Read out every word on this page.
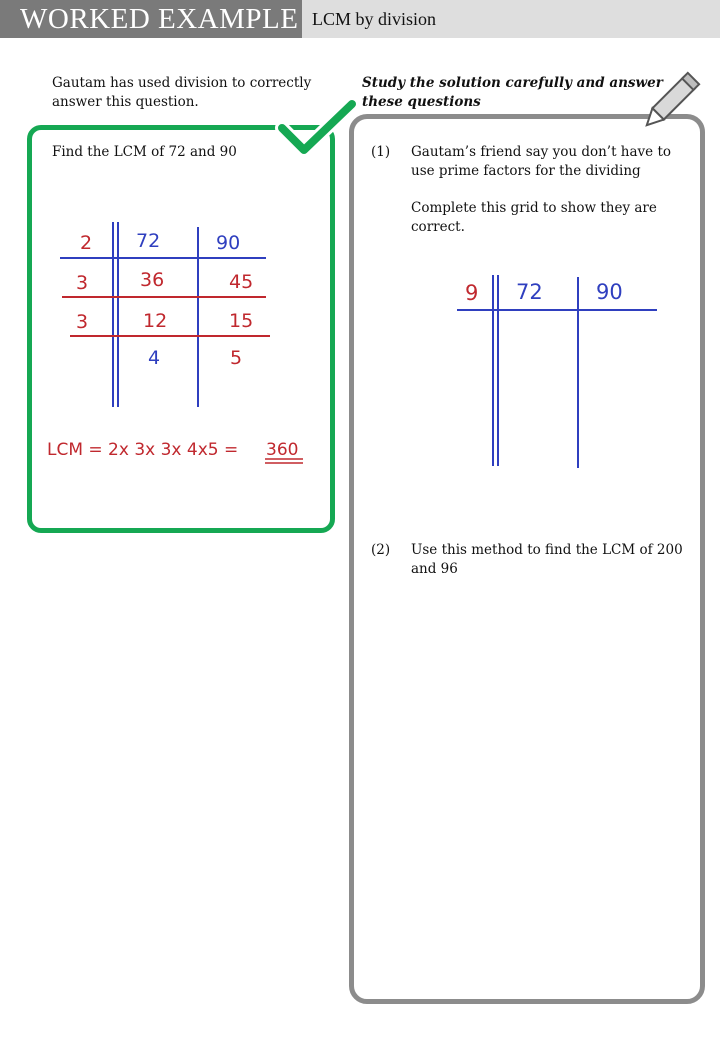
WORKED EXAMPLE LCM by division
Gautam has used division to correctly answer this question.
Study the solution carefully and answer these questions
Find the LCM of 72 and 90	(1) Gautam’s friend say you don’t have to use prime factors for the dividing
Complete this grid to show they are correct.
(2) Use this method to find the LCM of 200 and 96
2
3
3
72
36
12
4
90
45
15
5
LCM = 2x 3x 3x 4x5 = 360
9 72	90
